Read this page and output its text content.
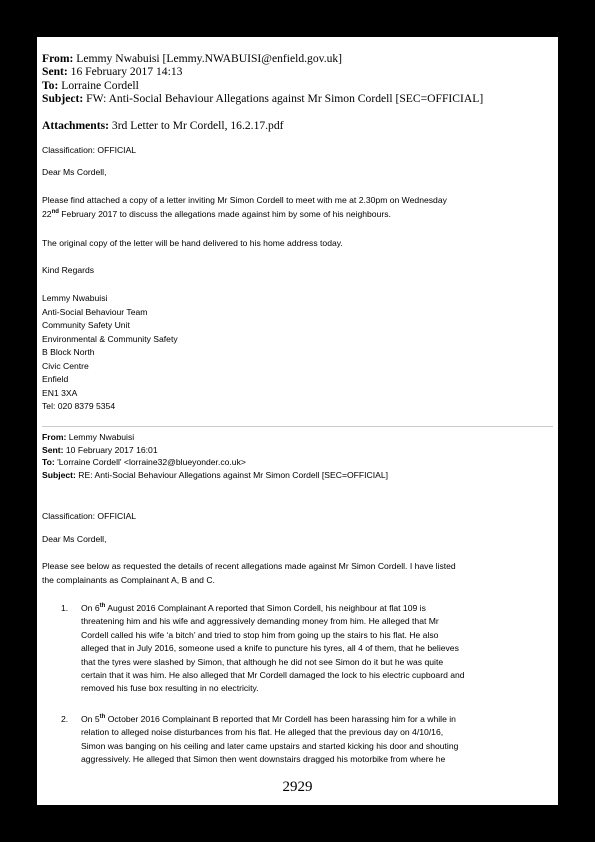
From: Lemmy Nwabuisi [Lemmy.NWABUISI@enfield.gov.uk]
Sent: 16 February 2017 14:13
To: Lorraine Cordell
Subject: FW: Anti-Social Behaviour Allegations against Mr Simon Cordell [SEC=OFFICIAL]
Attachments: 3rd Letter to Mr Cordell, 16.2.17.pdf
Classification: OFFICIAL
Dear Ms Cordell,

Please find attached a copy of a letter inviting Mr Simon Cordell to meet with me at 2.30pm on Wednesday

22nd February 2017 to discuss the allegations made against him by some of his neighbours.

The original copy of the letter will be hand delivered to his home address today.
Kind Regards
Lemmy Nwabuisi
Anti-Social Behaviour Team
Community Safety Unit
Environmental & Community Safety
B Block North
Civic Centre
Enfield
EN1 3XA
Tel: 020 8379 5354
From: Lemmy Nwabuisi
Sent: 10 February 2017 16:01
To: 'Lorraine Cordell' <lorraine32@blueyonder.co.uk>
Subject: RE: Anti-Social Behaviour Allegations against Mr Simon Cordell [SEC=OFFICIAL]
Classification: OFFICIAL
Dear Ms Cordell,

Please see below as requested the details of recent allegations made against Mr Simon Cordell. I have listed

the complainants as Complainant A, B and C.

1. On 6th August 2016 Complainant A reported that Simon Cordell, his neighbour at flat 109 is

threatening him and his wife and aggressively demanding money from him. He alleged that Mr

Cordell called his wife ‘a bitch’ and tried to stop him from going up the stairs to his flat. He also

alleged that in July 2016, someone used a knife to puncture his tyres, all 4 of them, that he believes

that the tyres were slashed by Simon, that although he did not see Simon do it but he was quite

certain that it was him. He also alleged that Mr Cordell damaged the lock to his electric cupboard and

removed his fuse box resulting in no electricity.

2. On 5th October 2016 Complainant B reported that Mr Cordell has been harassing him for a while in

relation to alleged noise disturbances from his flat. He alleged that the previous day on 4/10/16,

Simon was banging on his ceiling and later came upstairs and started kicking his door and shouting

aggressively. He alleged that Simon then went downstairs dragged his motorbike from where he

2929
